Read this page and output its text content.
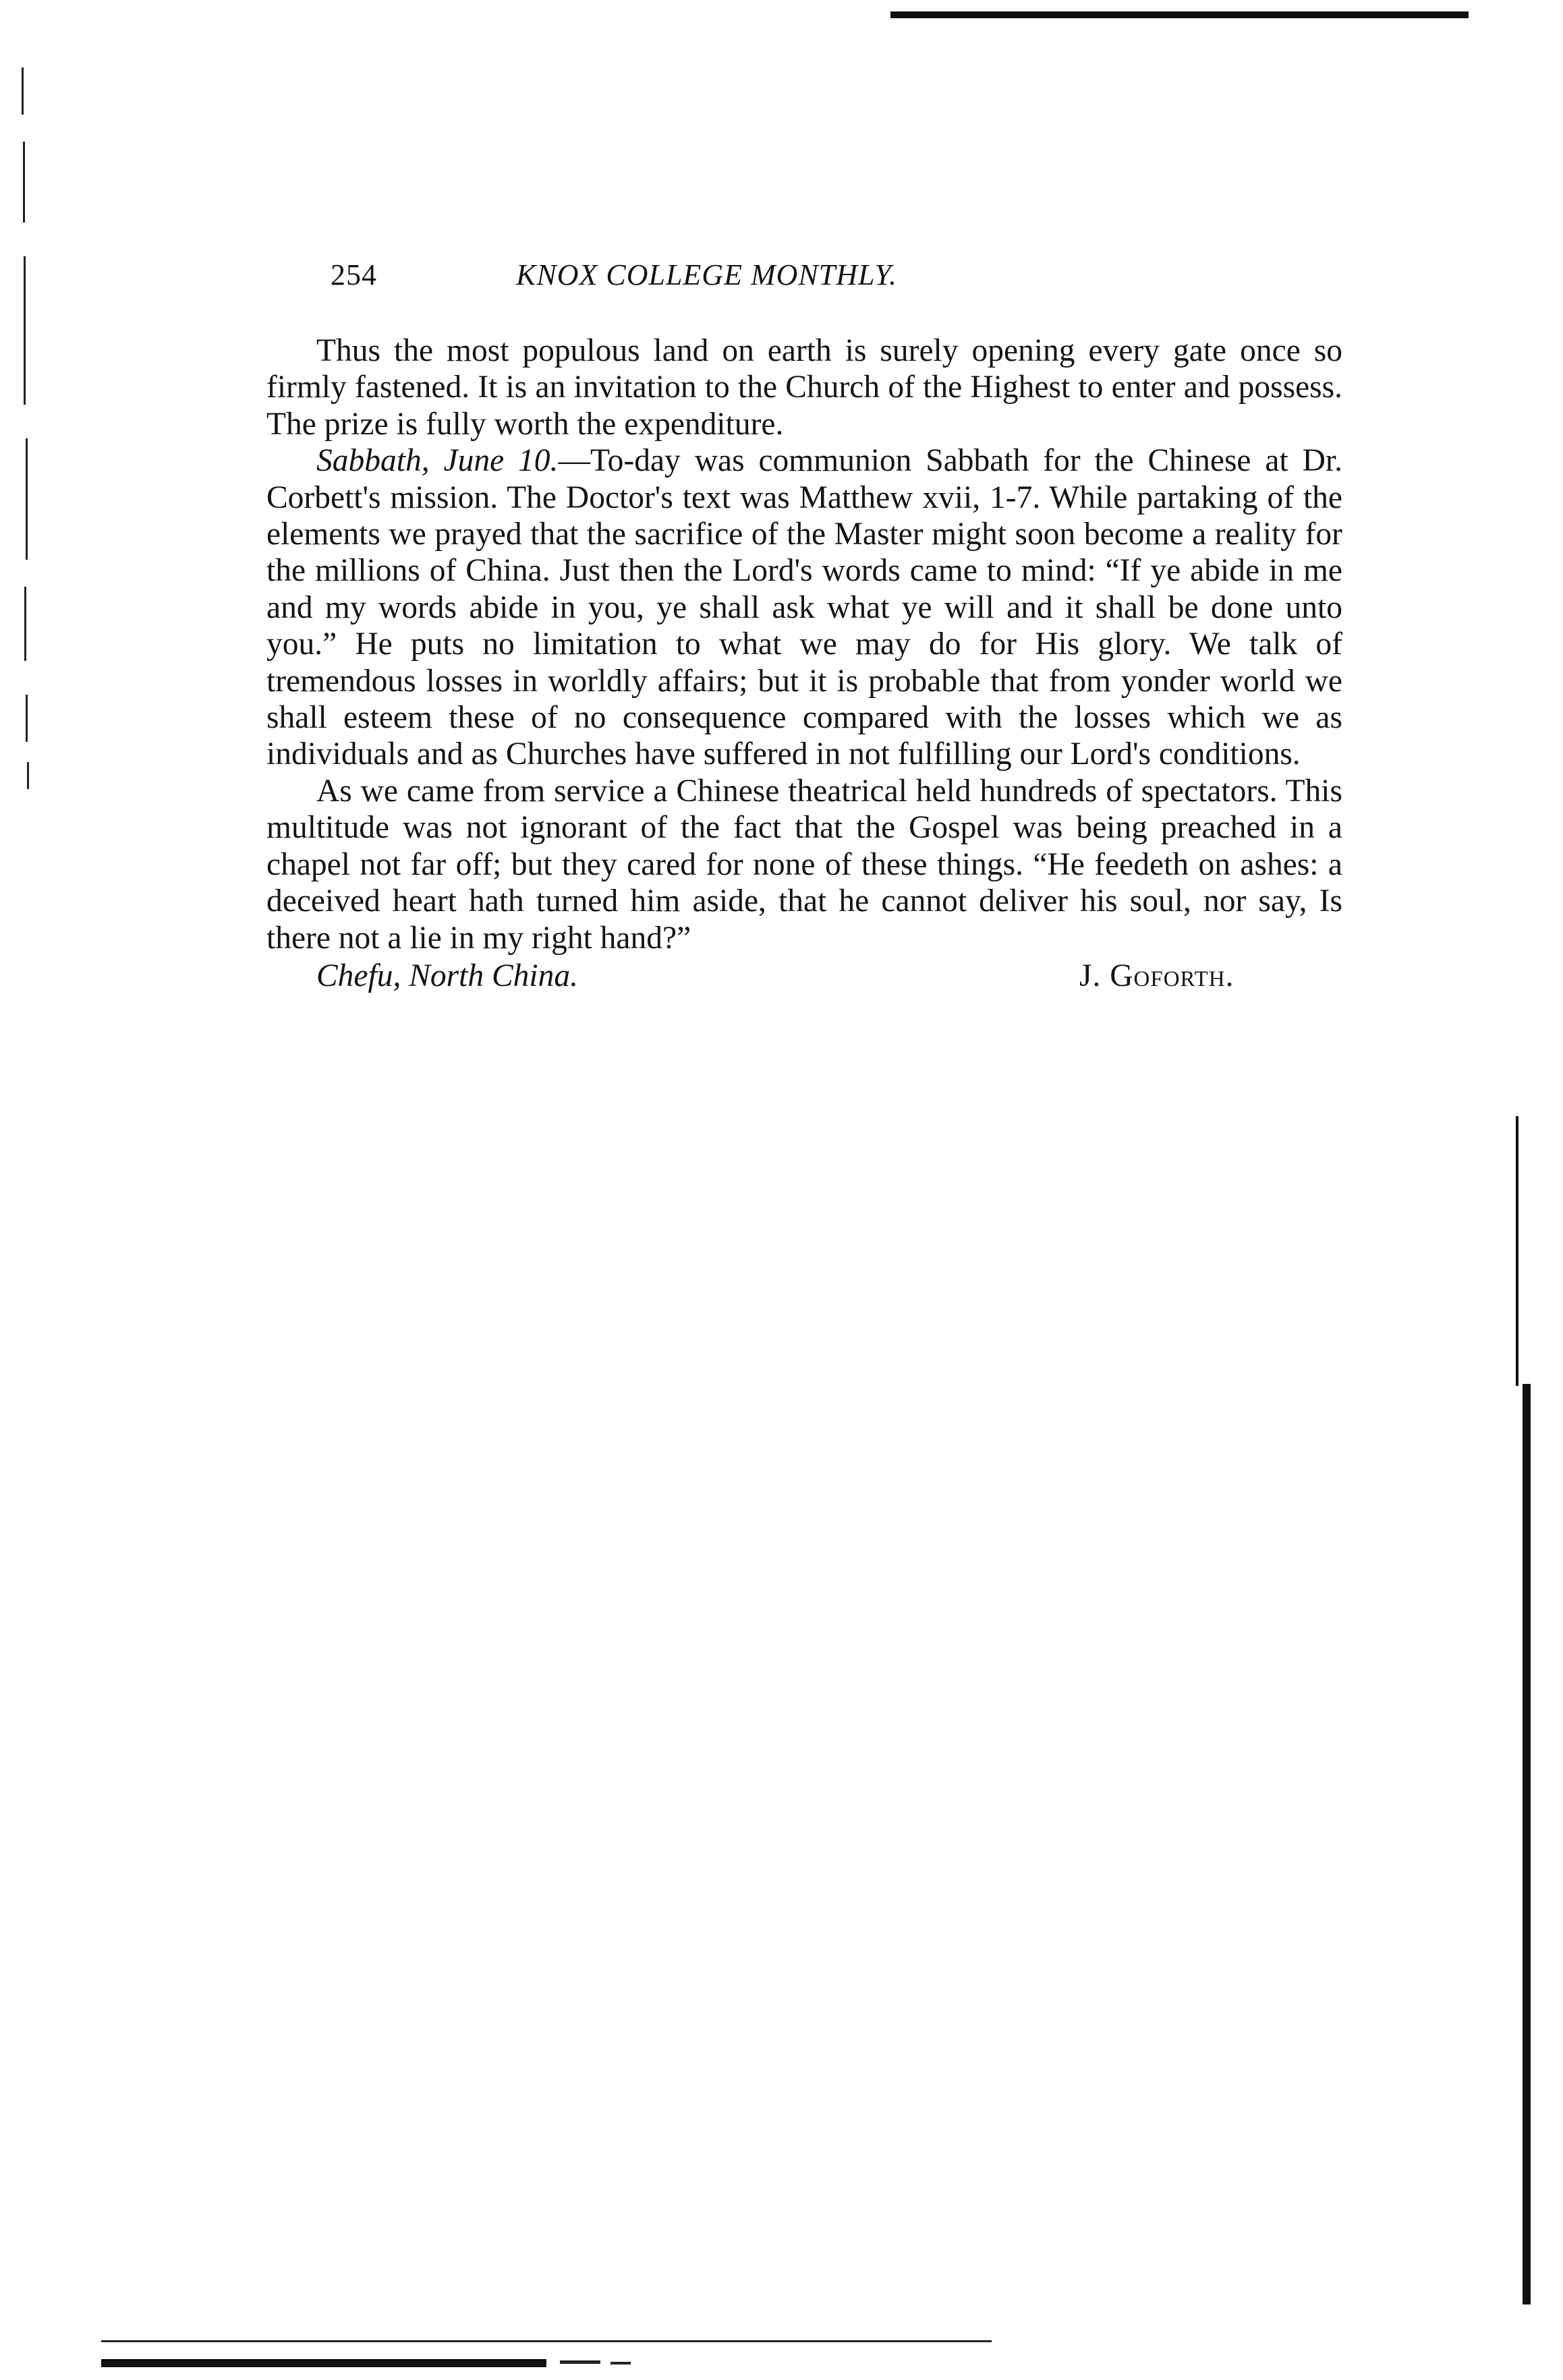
254	KNOX COLLEGE MONTHLY.

Thus the most populous land on earth is surely opening every gate once so firmly fastened. It is an invitation to the Church of the Highest to enter and possess. The prize is fully worth the expenditure.

Sabbath, June 10.—To-day was communion Sabbath for the Chinese at Dr. Corbett's mission. The Doctor's text was Matthew xvii, 1-7. While partaking of the elements we prayed that the sacrifice of the Master might soon become a reality for the millions of China. Just then the Lord's words came to mind: “If ye abide in me and my words abide in you, ye shall ask what ye will and it shall be done unto you.” He puts no limitation to what we may do for His glory. We talk of tremendous losses in worldly affairs; but it is probable that from yonder world we shall esteem these of no consequence compared with the losses which we as individuals and as Churches have suffered in not fulfilling our Lord's conditions.

As we came from service a Chinese theatrical held hundreds of spectators. This multitude was not ignorant of the fact that the Gospel was being preached in a chapel not far off; but they cared for none of these things. “He feedeth on ashes: a deceived heart hath turned him aside, that he cannot deliver his soul, nor say, Is there not a lie in my right hand?”

Chefu, North China.	J. Goforth.
